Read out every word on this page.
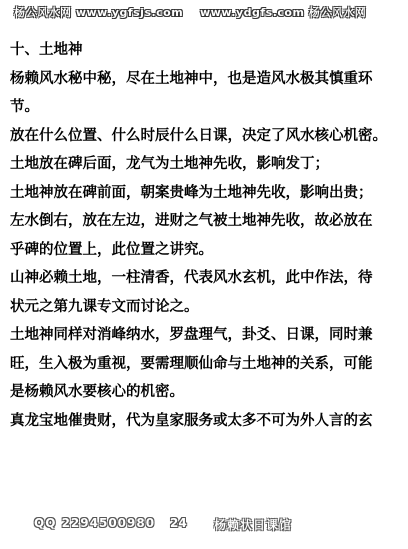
杨公风水网 www.ygfsjs.com www.ydgfs.com 杨公风水网

十、土地神

杨赖风水秘中秘，尽在土地神中，也是造风水极其慎重环

节。

放在什么位置、什么时辰什么日课，决定了风水核心机密。

土地放在碑后面，龙气为土地神先收，影响发丁；

土地神放在碑前面，朝案贵峰为土地神先收，影响出贵；

左水倒右，放在左边，进财之气被土地神先收，故必放在

乎碑的位置上，此位置之讲究。

山神必赖土地，一柱清香，代表风水玄机，此中作法，待

状元之第九课专文而讨论之。

土地神同样对消峰纳水，罗盘理气，卦爻、日课，同时兼

旺，生入极为重视，要需理顺仙命与土地神的关系，可能

是杨赖风水要核心的机密。

真龙宝地催贵财，代为皇家服务或太多不可为外人言的玄

QQ 2294500980 24 杨赖状日课馆
